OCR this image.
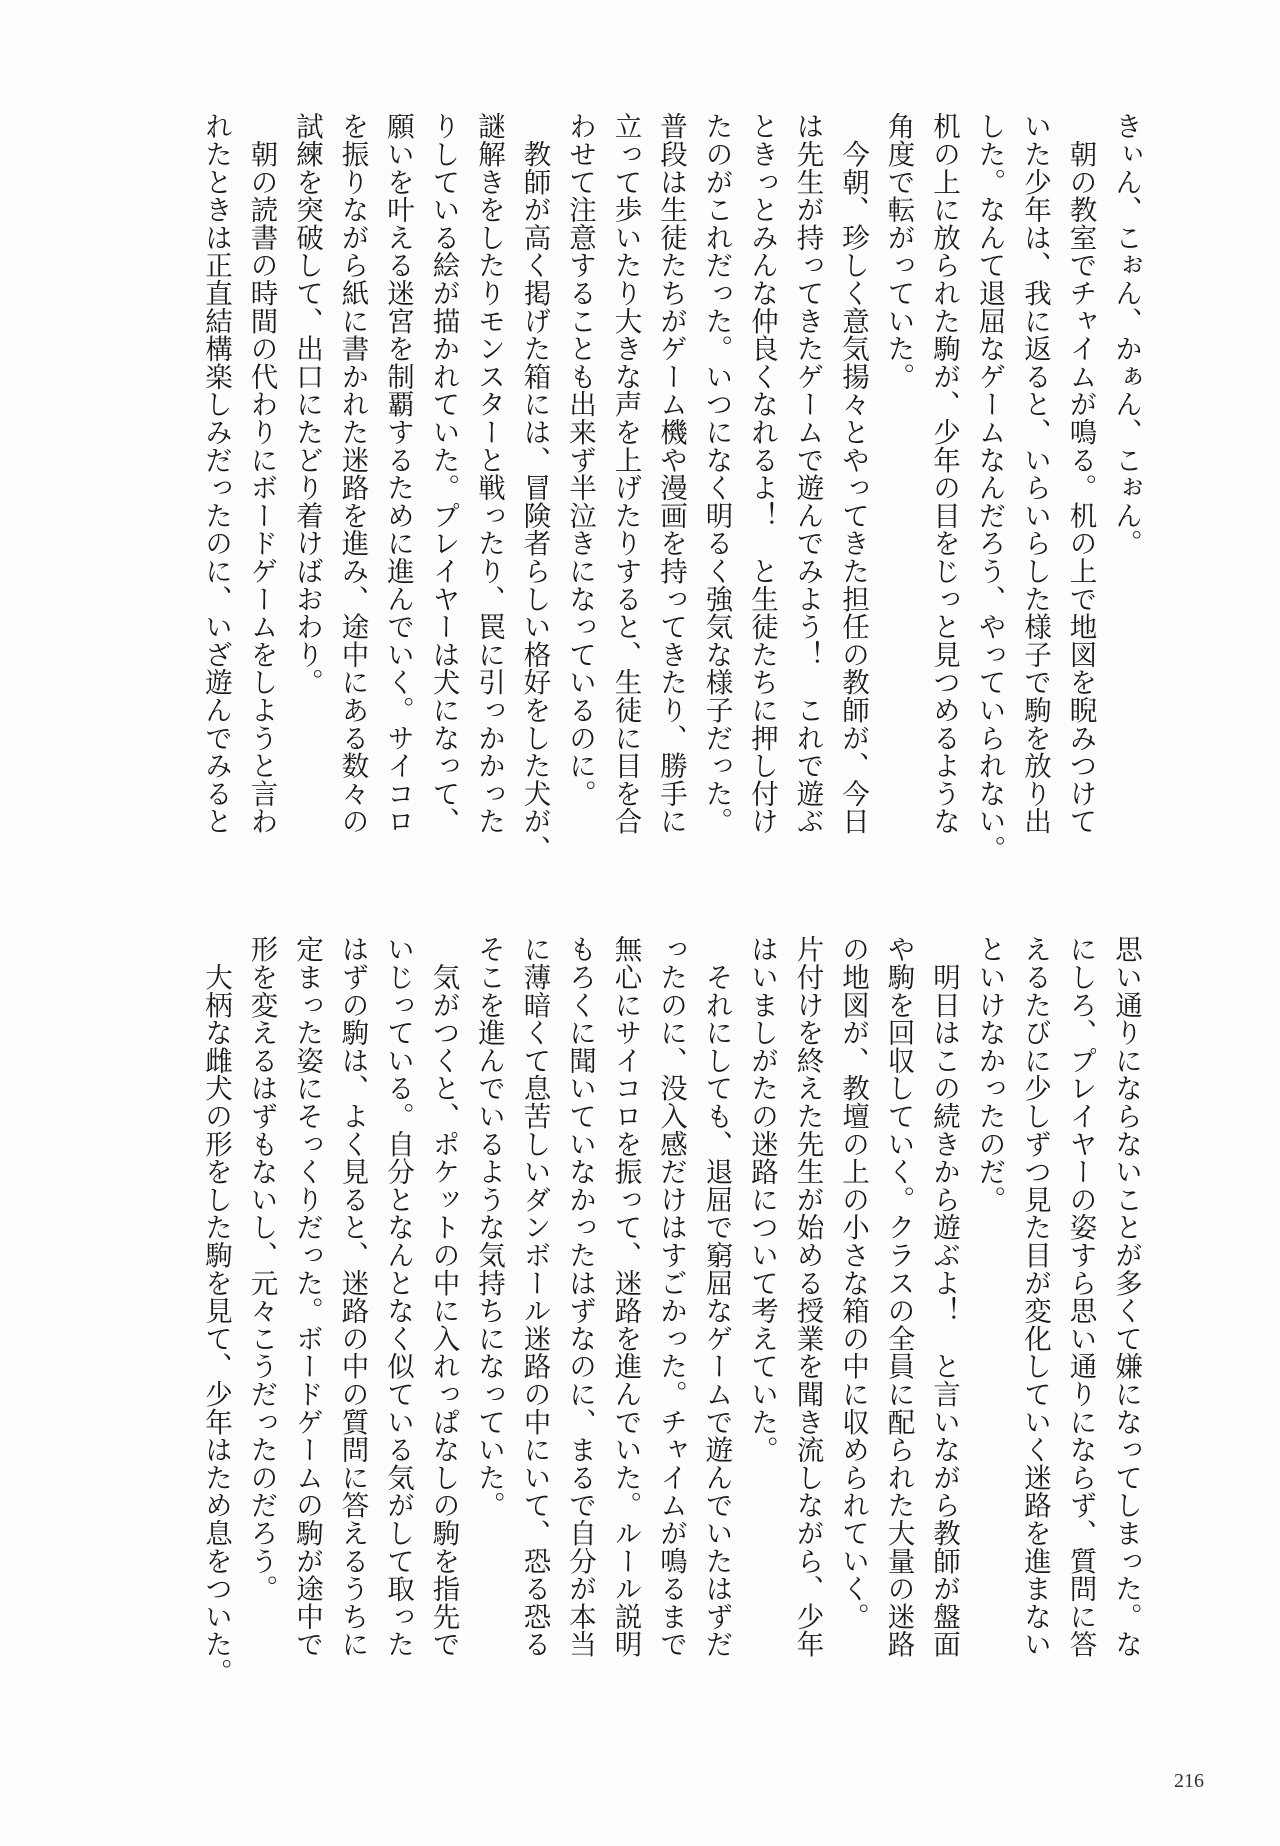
きぃん、こぉん、かぁん、こぉん。
　朝の教室でチャイムが鳴る。机の上で地図を睨みつけて
いた少年は、我に返ると、いらいらした様子で駒を放り出
した。なんて退屈なゲームなんだろう、やっていられない。
机の上に放られた駒が、少年の目をじっと見つめるような
角度で転がっていた。
　今朝、珍しく意気揚々とやってきた担任の教師が、今日
は先生が持ってきたゲームで遊んでみよう！　これで遊ぶ
ときっとみんな仲良くなれるよ！　と生徒たちに押し付け
たのがこれだった。いつになく明るく強気な様子だった。
普段は生徒たちがゲーム機や漫画を持ってきたり、勝手に
立って歩いたり大きな声を上げたりすると、生徒に目を合
わせて注意することも出来ず半泣きになっているのに。
　教師が高く掲げた箱には、冒険者らしい格好をした犬が、
謎解きをしたりモンスターと戦ったり、罠に引っかかった
りしている絵が描かれていた。プレイヤーは犬になって、
願いを叶える迷宮を制覇するために進んでいく。サイコロ
を振りながら紙に書かれた迷路を進み、途中にある数々の
試練を突破して、出口にたどり着けばおわり。
　朝の読書の時間の代わりにボードゲームをしようと言わ
れたときは正直結構楽しみだったのに、いざ遊んでみると
思い通りにならないことが多くて嫌になってしまった。な
にしろ、プレイヤーの姿すら思い通りにならず、質問に答
えるたびに少しずつ見た目が変化していく迷路を進まない
といけなかったのだ。
　明日はこの続きから遊ぶよ！　と言いながら教師が盤面
や駒を回収していく。クラスの全員に配られた大量の迷路
の地図が、教壇の上の小さな箱の中に収められていく。
片付けを終えた先生が始める授業を聞き流しながら、少年
はいましがたの迷路について考えていた。
　それにしても、退屈で窮屈なゲームで遊んでいたはずだ
ったのに、没入感だけはすごかった。チャイムが鳴るまで
無心にサイコロを振って、迷路を進んでいた。ルール説明
もろくに聞いていなかったはずなのに、まるで自分が本当
に薄暗くて息苦しいダンボール迷路の中にいて、恐る恐る
そこを進んでいるような気持ちになっていた。
　気がつくと、ポケットの中に入れっぱなしの駒を指先で
いじっている。自分となんとなく似ている気がして取った
はずの駒は、よく見ると、迷路の中の質問に答えるうちに
定まった姿にそっくりだった。ボードゲームの駒が途中で
形を変えるはずもないし、元々こうだったのだろう。
　大柄な雌犬の形をした駒を見て、少年はため息をついた。
216
